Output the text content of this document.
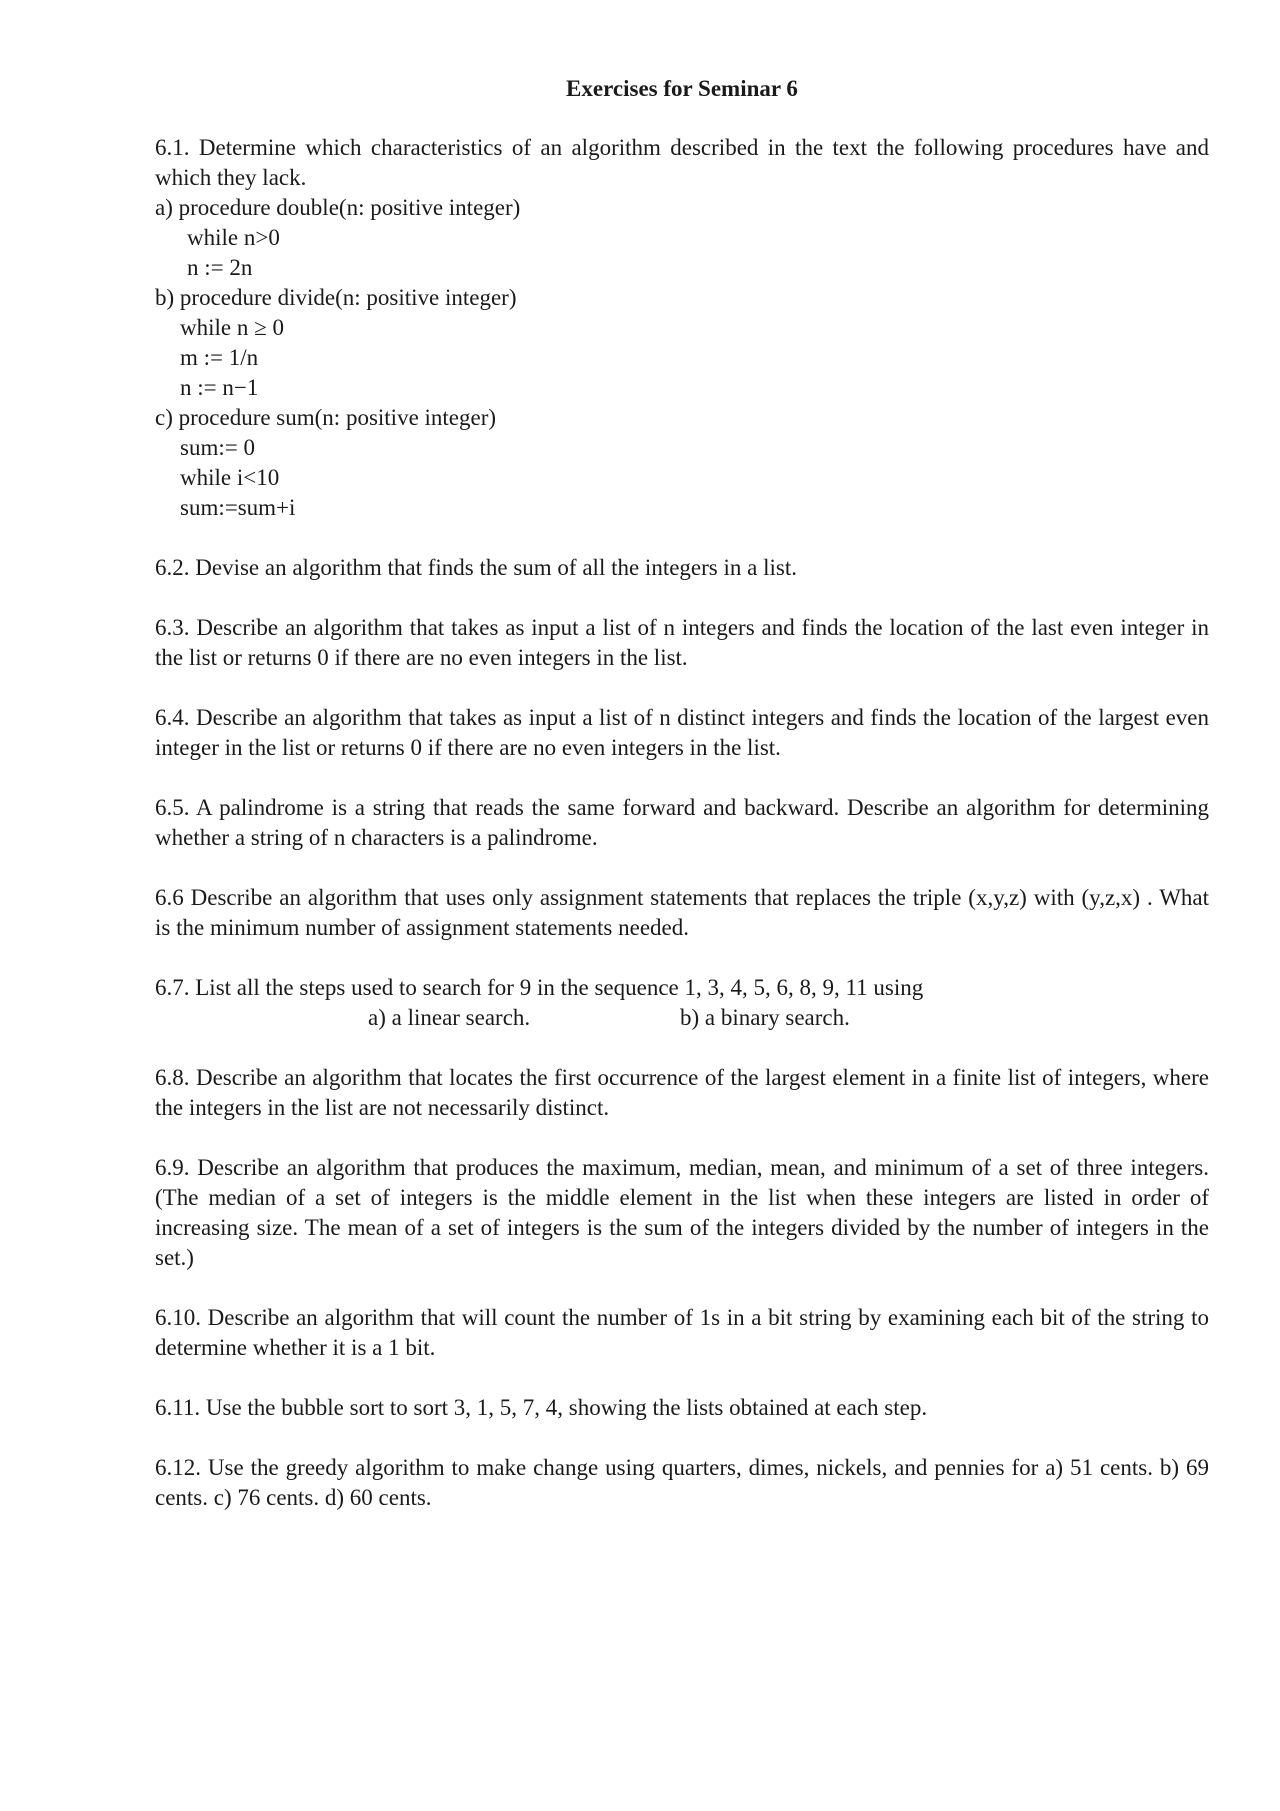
Exercises for Seminar 6

6.1. Determine which characteristics of an algorithm described in the text the following procedures have and which they lack.

a) procedure double(n: positive integer)
while n>0
n := 2n
b) procedure divide(n: positive integer)
while n ≥ 0
m := 1/n
n := n−1
c) procedure sum(n: positive integer)
sum:= 0
while i<10
sum:=sum+i

6.2. Devise an algorithm that finds the sum of all the integers in a list.

6.3. Describe an algorithm that takes as input a list of n integers and finds the location of the last even integer in the list or returns 0 if there are no even integers in the list.

6.4. Describe an algorithm that takes as input a list of n distinct integers and finds the location of the largest even integer in the list or returns 0 if there are no even integers in the list.

6.5. A palindrome is a string that reads the same forward and backward. Describe an algorithm for determining whether a string of n characters is a palindrome.

6.6 Describe an algorithm that uses only assignment statements that replaces the triple (x,y,z) with (y,z,x) . What is the minimum number of assignment statements needed.

6.7. List all the steps used to search for 9 in the sequence 1, 3, 4, 5, 6, 8, 9, 11 using

a) a linear search.	b) a binary search.

6.8. Describe an algorithm that locates the first occurrence of the largest element in a finite list of integers, where the integers in the list are not necessarily distinct.

6.9. Describe an algorithm that produces the maximum, median, mean, and minimum of a set of three integers. (The median of a set of integers is the middle element in the list when these integers are listed in order of increasing size. The mean of a set of integers is the sum of the integers divided by the number of integers in the set.)

6.10. Describe an algorithm that will count the number of 1s in a bit string by examining each bit of the string to determine whether it is a 1 bit.

6.11. Use the bubble sort to sort 3, 1, 5, 7, 4, showing the lists obtained at each step.

6.12. Use the greedy algorithm to make change using quarters, dimes, nickels, and pennies for a) 51 cents. b) 69 cents. c) 76 cents. d) 60 cents.
